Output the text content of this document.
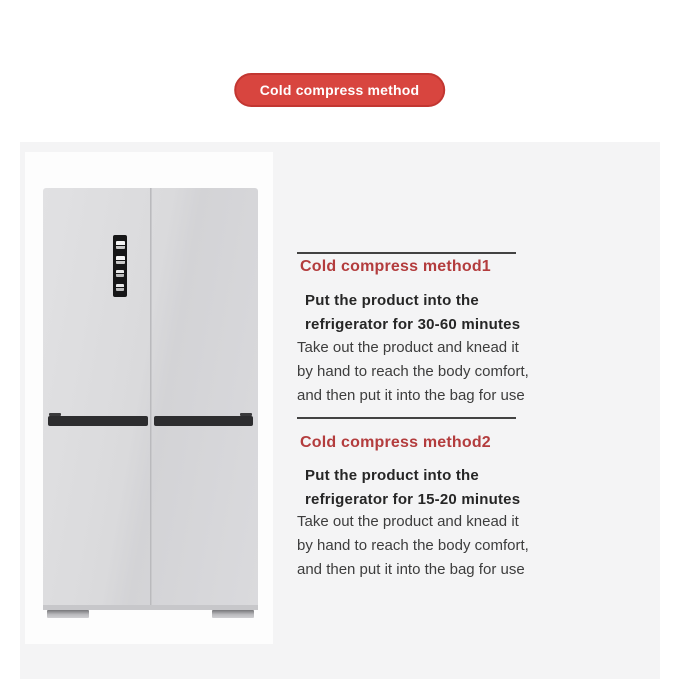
Cold compress method
Cold compress method1
Put the product into the
refrigerator for 30-60 minutes
Take out the product and knead it
by hand to reach the body comfort,
and then put it into the bag for use
Cold compress method2
Put the product into the
refrigerator for 15-20 minutes
Take out the product and knead it
by hand to reach the body comfort,
and then put it into the bag for use
